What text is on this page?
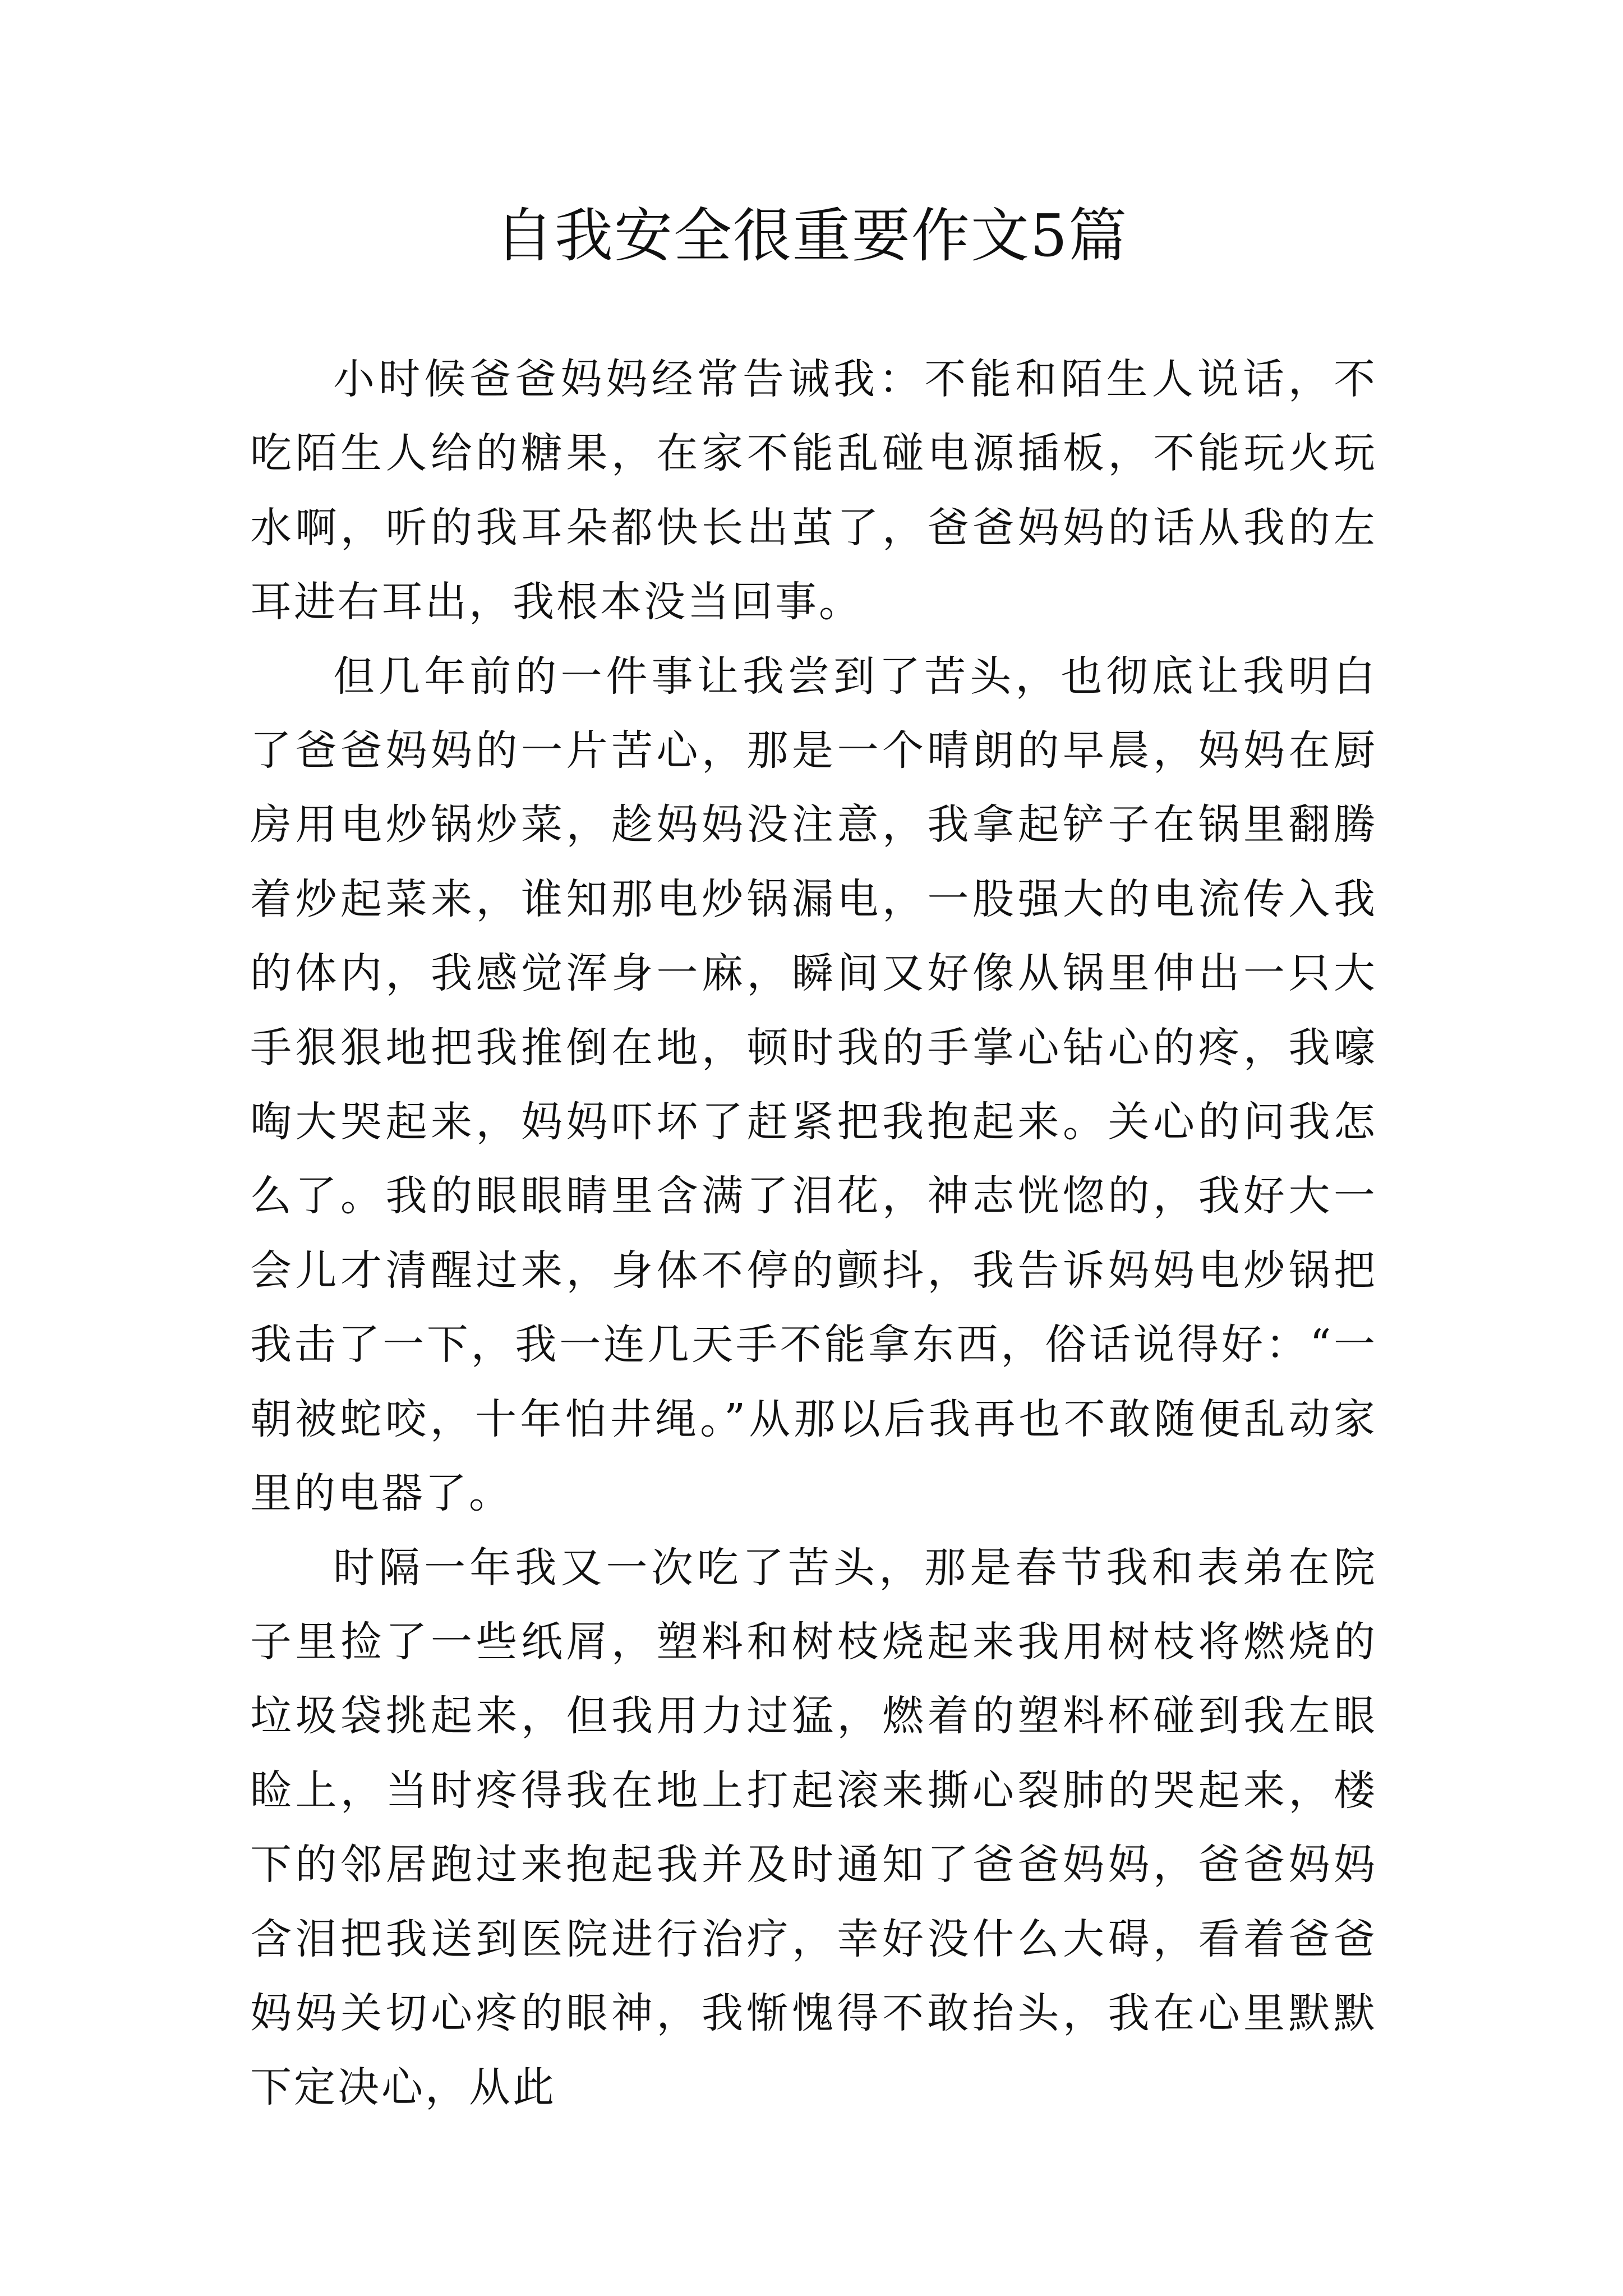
自我安全很重要作文5篇

小时候爸爸妈妈经常告诫我：不能和陌生人说话，不吃陌生人给的糖果，在家不能乱碰电源插板，不能玩火玩水啊，听的我耳朵都快长出茧了，爸爸妈妈的话从我的左耳进右耳出，我根本没当回事。

但几年前的一件事让我尝到了苦头，也彻底让我明白了爸爸妈妈的一片苦心，那是一个晴朗的早晨，妈妈在厨房用电炒锅炒菜，趁妈妈没注意，我拿起铲子在锅里翻腾着炒起菜来，谁知那电炒锅漏电，一股强大的电流传入我的体内，我感觉浑身一麻，瞬间又好像从锅里伸出一只大手狠狠地把我推倒在地，顿时我的手掌心钻心的疼，我嚎啕大哭起来，妈妈吓坏了赶紧把我抱起来。关心的问我怎么了。我的眼眼睛里含满了泪花，神志恍惚的，我好大一会儿才清醒过来，身体不停的颤抖，我告诉妈妈电炒锅把我击了一下，我一连几天手不能拿东西，俗话说得好：“一朝被蛇咬，十年怕井绳。”从那以后我再也不敢随便乱动家里的电器了。

时隔一年我又一次吃了苦头，那是春节我和表弟在院子里捡了一些纸屑，塑料和树枝烧起来我用树枝将燃烧的垃圾袋挑起来，但我用力过猛，燃着的塑料杯碰到我左眼睑上，当时疼得我在地上打起滚来撕心裂肺的哭起来，楼下的邻居跑过来抱起我并及时通知了爸爸妈妈，爸爸妈妈含泪把我送到医院进行治疗，幸好没什么大碍，看着爸爸妈妈关切心疼的眼神，我惭愧得不敢抬头，我在心里默默下定决心，从此
